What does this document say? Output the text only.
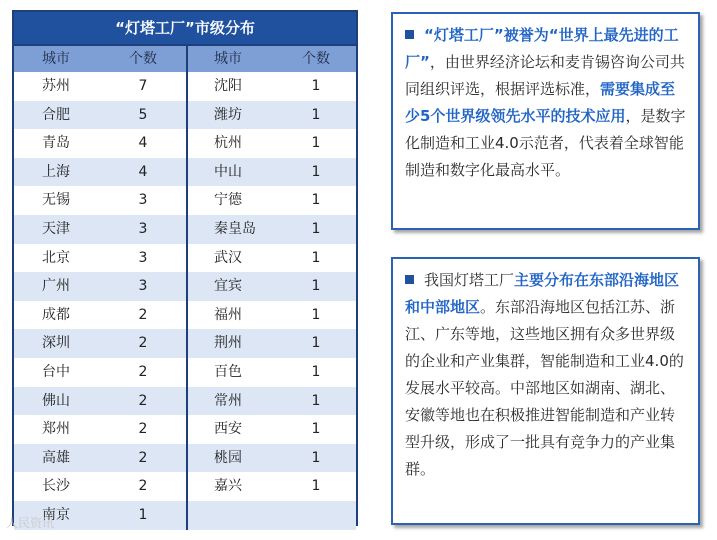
“灯塔工厂”市级分布
城市	个数	城市	个数
苏州	7	沈阳	1
合肥	5	潍坊	1
青岛	4	杭州	1
上海	4	中山	1
无锡	3	宁德	1
天津	3	秦皇岛	1
北京	3	武汉	1
广州	3	宜宾	1
成都	2	福州	1
深圳	2	荆州	1
台中	2	百色	1
佛山	2	常州	1
郑州	2	西安	1
高雄	2	桃园	1
长沙	2	嘉兴	1
南京	1
人民资讯
“灯塔工厂”被誉为“世界上最先进的工厂”，由世界经济论坛和麦肯锡咨询公司共同组织评选，根据评选标准，需要集成至少5个世界级领先水平的技术应用，是数字化制造和工业4.0示范者，代表着全球智能制造和数字化最高水平。
我国灯塔工厂主要分布在东部沿海地区和中部地区。东部沿海地区包括江苏、浙江、广东等地，这些地区拥有众多世界级的企业和产业集群，智能制造和工业4.0的发展水平较高。中部地区如湖南、湖北、安徽等地也在积极推进智能制造和产业转型升级，形成了一批具有竞争力的产业集群。
